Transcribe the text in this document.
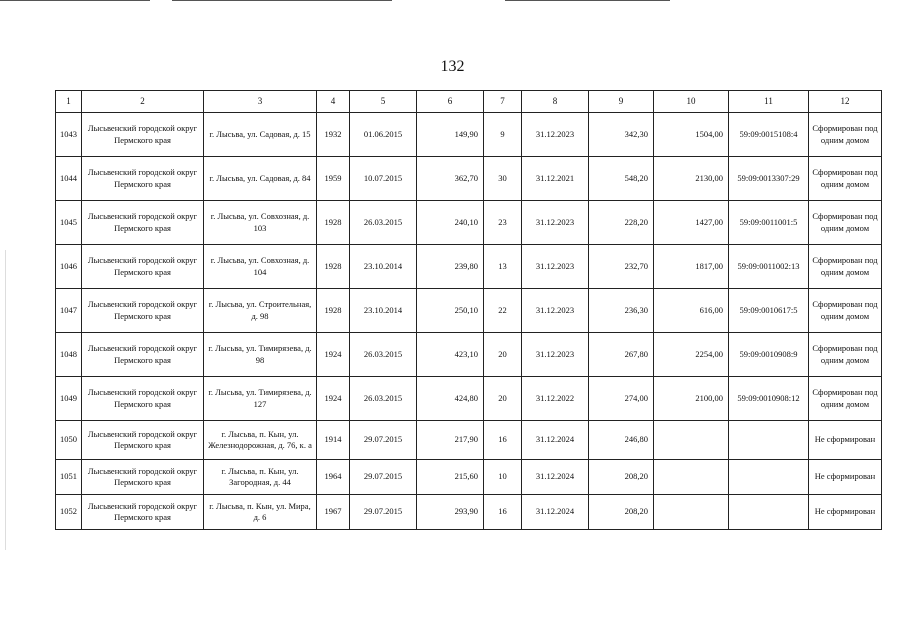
132
1	2	3	4	5	6	7	8	9	10	11	12
1043	Лысьвенский городской округ Пермского края	г. Лысьва, ул. Садовая, д. 15	1932	01.06.2015	149,90	9	31.12.2023	342,30	1504,00	59:09:0015108:4	Сформирован под одним домом
1044	Лысьвенский городской округ Пермского края	г. Лысьва, ул. Садовая, д. 84	1959	10.07.2015	362,70	30	31.12.2021	548,20	2130,00	59:09:0013307:29	Сформирован под одним домом
1045	Лысьвенский городской округ Пермского края	г. Лысьва, ул. Совхозная, д. 103	1928	26.03.2015	240,10	23	31.12.2023	228,20	1427,00	59:09:0011001:5	Сформирован под одним домом
1046	Лысьвенский городской округ Пермского края	г. Лысьва, ул. Совхозная, д. 104	1928	23.10.2014	239,80	13	31.12.2023	232,70	1817,00	59:09:0011002:13	Сформирован под одним домом
1047	Лысьвенский городской округ Пермского края	г. Лысьва, ул. Строительная, д. 98	1928	23.10.2014	250,10	22	31.12.2023	236,30	616,00	59:09:0010617:5	Сформирован под одним домом
1048	Лысьвенский городской округ Пермского края	г. Лысьва, ул. Тимирязева, д. 98	1924	26.03.2015	423,10	20	31.12.2023	267,80	2254,00	59:09:0010908:9	Сформирован под одним домом
1049	Лысьвенский городской округ Пермского края	г. Лысьва, ул. Тимирязева, д. 127	1924	26.03.2015	424,80	20	31.12.2022	274,00	2100,00	59:09:0010908:12	Сформирован под одним домом
1050	Лысьвенский городской округ Пермского края	г. Лысьва, п. Кын, ул. Железнодорожная, д. 76, к. а	1914	29.07.2015	217,90	16	31.12.2024	246,80			Не сформирован
1051	Лысьвенский городской округ Пермского края	г. Лысьва, п. Кын, ул. Загородная, д. 44	1964	29.07.2015	215,60	10	31.12.2024	208,20			Не сформирован
1052	Лысьвенский городской округ Пермского края	г. Лысьва, п. Кын, ул. Мира, д. 6	1967	29.07.2015	293,90	16	31.12.2024	208,20			Не сформирован
